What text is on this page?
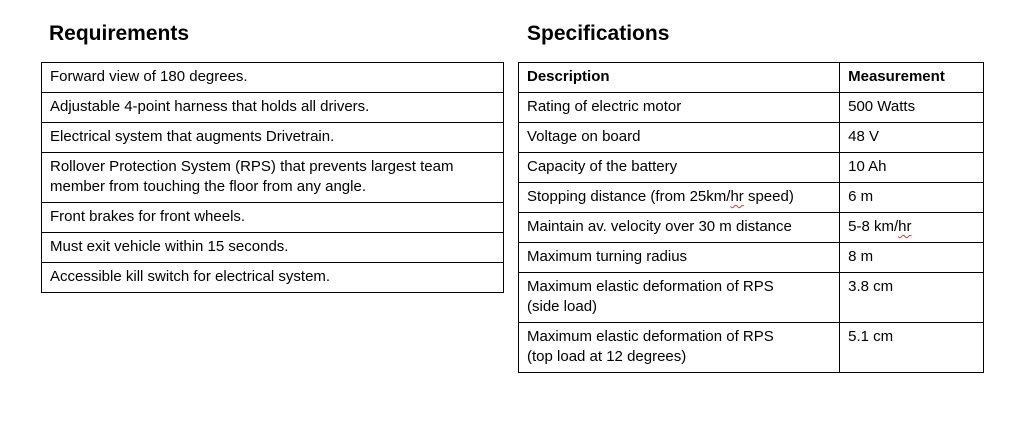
Requirements	Specifications
Forward view of 180 degrees.
Adjustable 4-point harness that holds all drivers.
Electrical system that augments Drivetrain.
Rollover Protection System (RPS) that prevents largest team member from touching the floor from any angle.
Front brakes for front wheels.
Must exit vehicle within 15 seconds.
Accessible kill switch for electrical system.
Description	Measurement
Rating of electric motor	500 Watts
Voltage on board	48 V
Capacity of the battery	10 Ah
Stopping distance (from 25km/hr speed)	6 m
Maintain av. velocity over 30 m distance	5-8 km/hr
Maximum turning radius	8 m
Maximum elastic deformation of RPS
(side load)	3.8 cm
Maximum elastic deformation of RPS
(top load at 12 degrees)	5.1 cm
